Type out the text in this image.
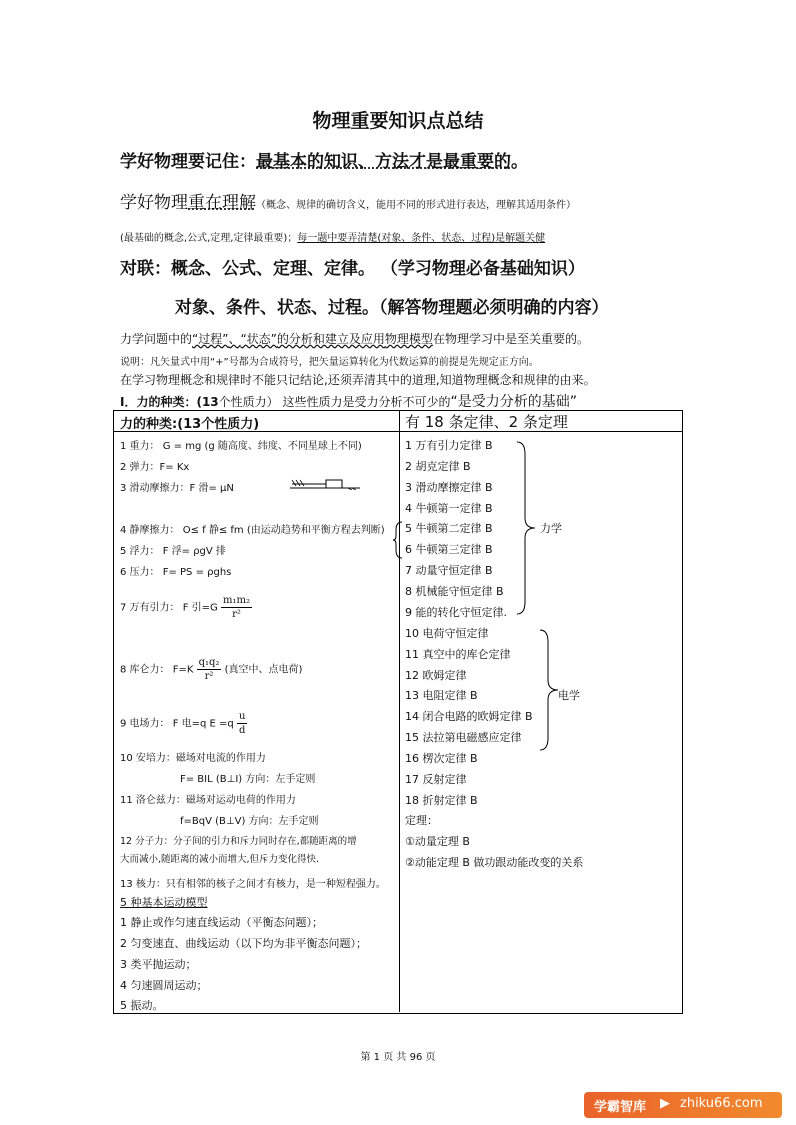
物理重要知识点总结
学好物理要记住：最基本的知识、方法才是最重要的。
学好物理重在理解（概念、规律的确切含义，能用不同的形式进行表达，理解其适用条件）
(最基础的概念,公式,定理,定律最重要)；每一题中要弄清楚(对象、条件、状态、过程)是解题关健
对联：概念、公式、定理、定律。 （学习物理必备基础知识）
对象、条件、状态、过程。（解答物理题必须明确的内容）
力学问题中的“过程”、“状态”的分析和建立及应用物理模型在物理学习中是至关重要的。
说明：凡矢量式中用“+”号都为合成符号，把矢量运算转化为代数运算的前提是先规定正方向。
在学习物理概念和规律时不能只记结论,还须弄清其中的道理,知道物理概念和规律的由来。
Ⅰ．力的种类：(13个性质力） 这些性质力是受力分析不可少的“是受力分析的基础”
力的种类:(13个性质力)	有 18 条定律、2 条定理
1 重力： G = mg (g 随高度、纬度、不同星球上不同)
2 弹力：F= Kx
3 滑动摩擦力：F 滑= μN
4 静摩擦力： O≤ f 静≤ fm (由运动趋势和平衡方程去判断)
5 浮力： F 浮= ρgV 排
6 压力： F= PS = ρghs
7 万有引力： F 引$=G \frac{\text{m₁m₂}}{\text{r²}}$
8 库仑力： $F=K \frac{\text{q₁q₂}}{\text{r²}}$ (真空中、点电荷)
9 电场力： F 电=q $E =q \frac{u}{d}$
10 安培力：磁场对电流的作用力
F= BIL (B⊥I) 方向：左手定则
11 洛仑兹力：磁场对运动电荷的作用力
f=BqV (B⊥V) 方向：左手定则
12 分子力：分子间的引力和斥力同时存在,都随距离的增
大而减小,随距离的减小而增大,但斥力变化得快.
13 核力：只有相邻的核子之间才有核力，是一种短程强力。
5 种基本运动模型
1 静止或作匀速直线运动（平衡态问题）；
2 匀变速直、曲线运动（以下均为非平衡态问题）；
3 类平抛运动；
4 匀速圆周运动；
5 振动。
1 万有引力定律 B
2 胡克定律 B
3 滑动摩擦定律 B
4 牛顿第一定律 B
5 牛顿第二定律 B
6 牛顿第三定律 B
7 动量守恒定律 B
8 机械能守恒定律 B
9 能的转化守恒定律.
10 电荷守恒定律
11 真空中的库仑定律
12 欧姆定律
13 电阻定律 B
14 闭合电路的欧姆定律 B
15 法拉第电磁感应定律
16 楞次定律 B
17 反射定律
18 折射定律 B
定理：
①动量定理 B
②动能定理 B 做功跟动能改变的关系
力学
电学
第 1 页 共 96 页
学霸智库 ▶ zhiku66.com
